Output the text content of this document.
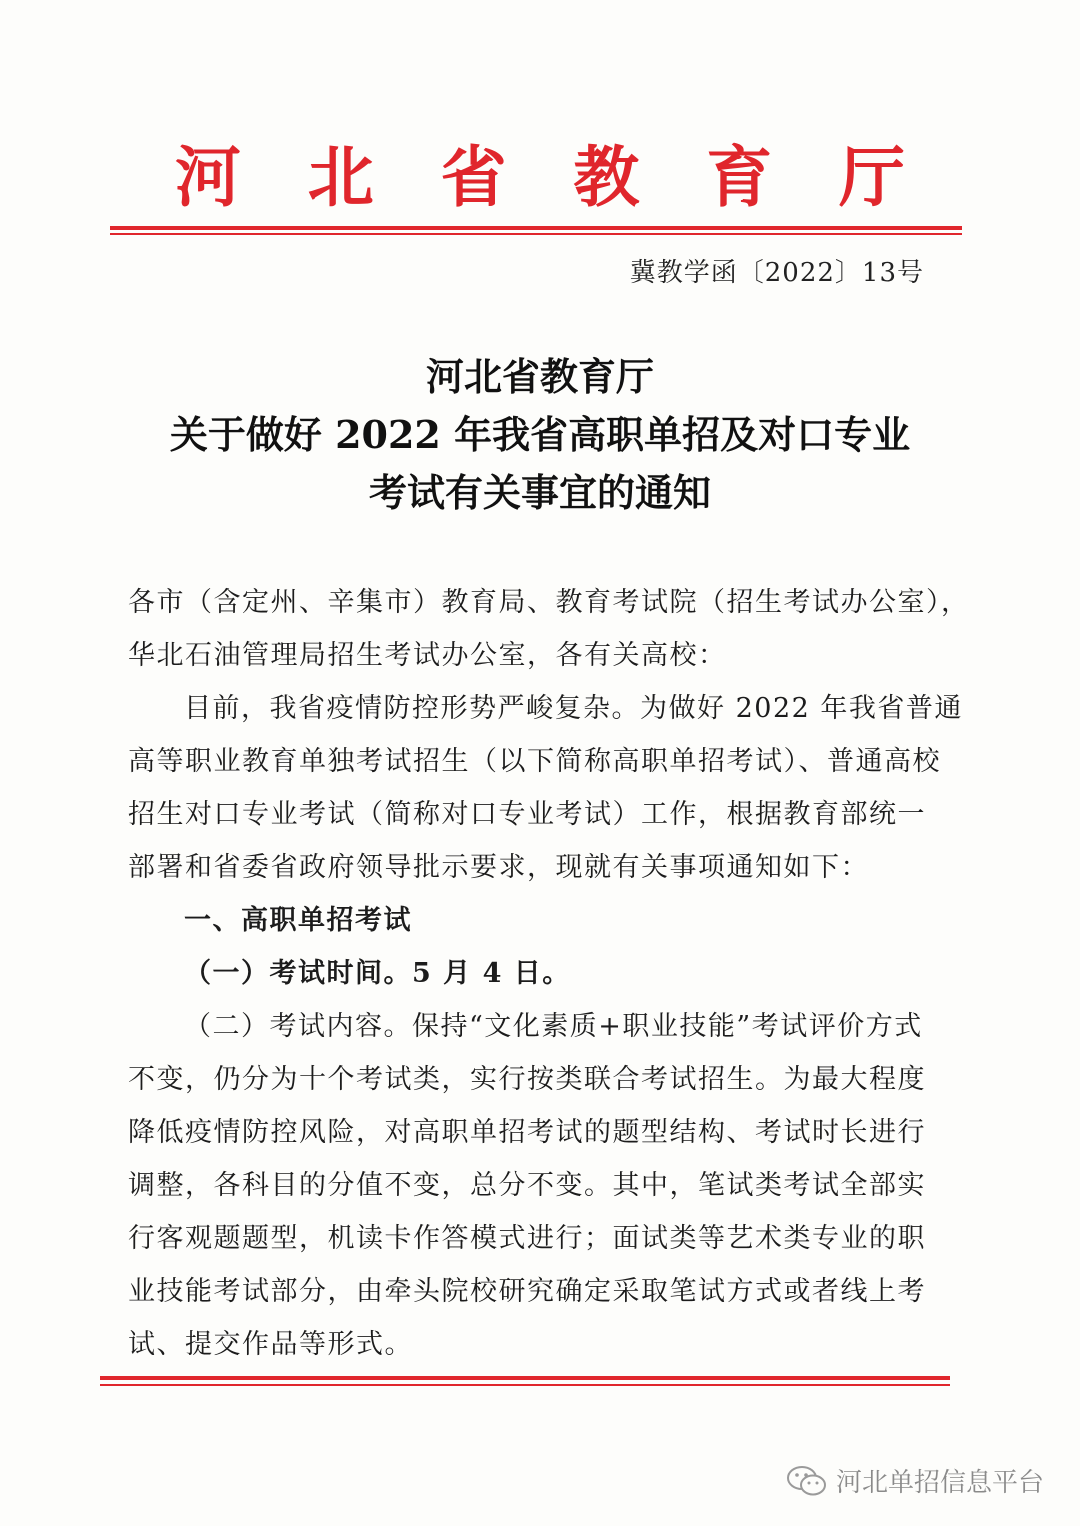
河 北 省 教 育 厅
冀教学函〔2022〕13号
河北省教育厅
关于做好 2022 年我省高职单招及对口专业
考试有关事宜的通知
各市（含定州、辛集市）教育局、教育考试院（招生考试办公室），
华北石油管理局招生考试办公室，各有关高校：
目前，我省疫情防控形势严峻复杂。为做好 2022 年我省普通
高等职业教育单独考试招生（以下简称高职单招考试）、普通高校
招生对口专业考试（简称对口专业考试）工作，根据教育部统一
部署和省委省政府领导批示要求，现就有关事项通知如下：
一、高职单招考试
（一）考试时间。5 月 4 日。
（二）考试内容。保持“文化素质+职业技能”考试评价方式
不变，仍分为十个考试类，实行按类联合考试招生。为最大程度
降低疫情防控风险，对高职单招考试的题型结构、考试时长进行
调整，各科目的分值不变，总分不变。其中，笔试类考试全部实
行客观题题型，机读卡作答模式进行；面试类等艺术类专业的职
业技能考试部分，由牵头院校研究确定采取笔试方式或者线上考
试、提交作品等形式。
河北单招信息平台
